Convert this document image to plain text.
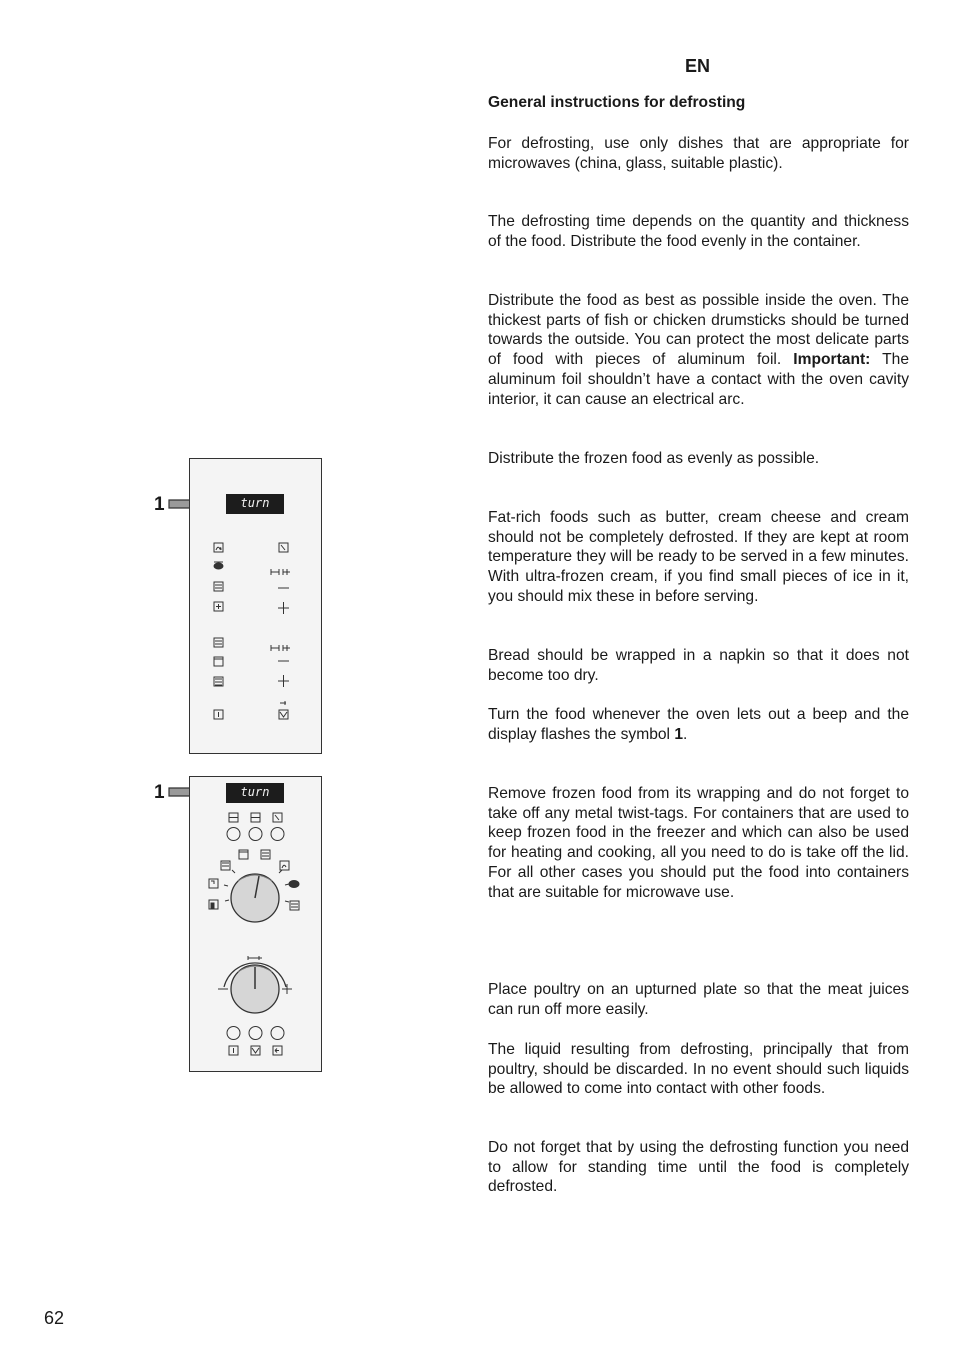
EN
General instructions for defrosting

For defrosting, use only dishes that are appropriate for microwaves (china, glass, suitable plastic).

The defrosting time depends on the quantity and thickness of the food. Distribute the food evenly in the container.

Distribute the food as best as possible inside the oven. The thickest parts of fish or chicken drumsticks should be turned towards the outside. You can protect the most delicate parts of food with pieces of aluminum foil. Important: The aluminum foil shouldn’t have a contact with the oven cavity interior, it can cause an electrical arc.

Distribute the frozen food as evenly as possible.

Fat-rich foods such as butter, cream cheese and cream should not be completely defrosted. If they are kept at room temperature they will be ready to be served in a few minutes. With ultra-frozen cream, if you find small pieces of ice in it, you should mix these in before serving.

Bread should be wrapped in a napkin so that it does not become too dry.

Turn the food whenever the oven lets out a beep and the display flashes the symbol 1.

Remove frozen food from its wrapping and do not forget to take off any metal twist-tags. For containers that are used to keep frozen food in the freezer and which can also be used for heating and cooking, all you need to do is take off the lid. For all other cases you should put the food into containers that are suitable for microwave use.

Place poultry on an upturned plate so that the meat juices can run off more easily.

The liquid resulting from defrosting, principally that from poultry, should be discarded. In no event should such liquids be allowed to come into contact with other foods.

Do not forget that by using the defrosting function you need to allow for standing time until the food is completely defrosted.

1	turn
1	turn
62
